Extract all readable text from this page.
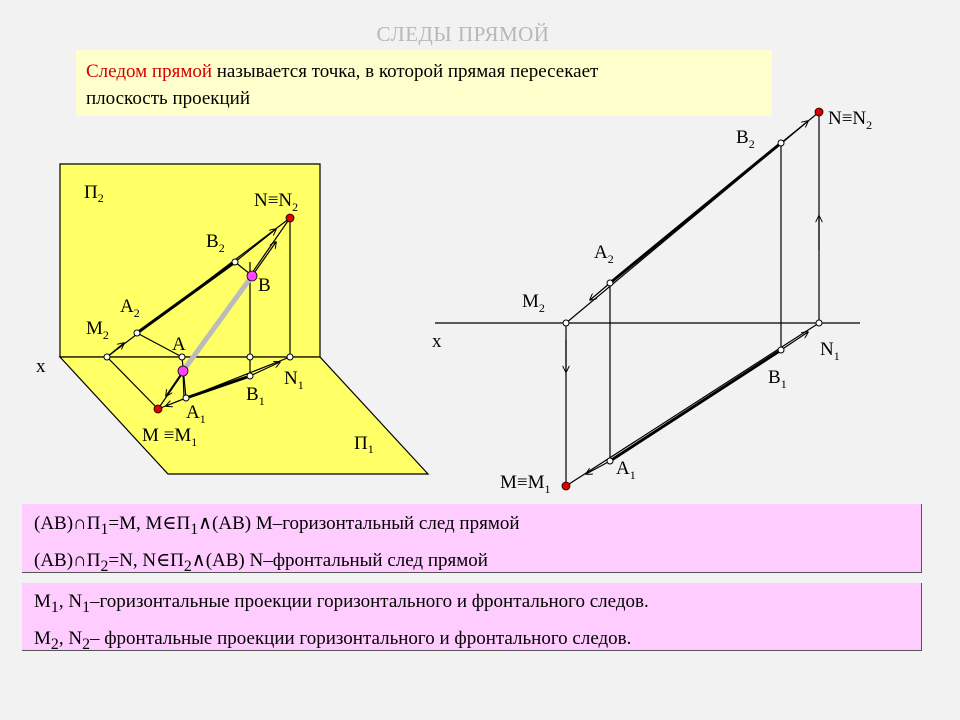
СЛЕДЫ ПРЯМОЙ
Следом прямой называется точка, в которой прямая пересекает
плоскость проекций
$П_2$
x
$N\equiv N_2$
$B_2$
B
$A_2$
$M_2$	A
$B_1$
$N_1$
$A_1$
$M \equiv M_1$	$П_1$
$N\equiv N_2$
$B_2$
$A_2$
$M_2$
x	$N_1$
$B_1$
$A_1$
$M\equiv M_1$
$(AB)\cap П_1=M$, $M\in П_1\wedge(AB)$ M–горизонтальный след прямой
$(AB)\cap П_2=N$, $N\in П_2\wedge(AB)$ N–фронтальный след прямой
$M_1$, $N_1$–горизонтальные проекции горизонтального и фронтального следов.
$M_2$, $N_2-$ фронтальные проекции горизонтального и фронтального следов.
